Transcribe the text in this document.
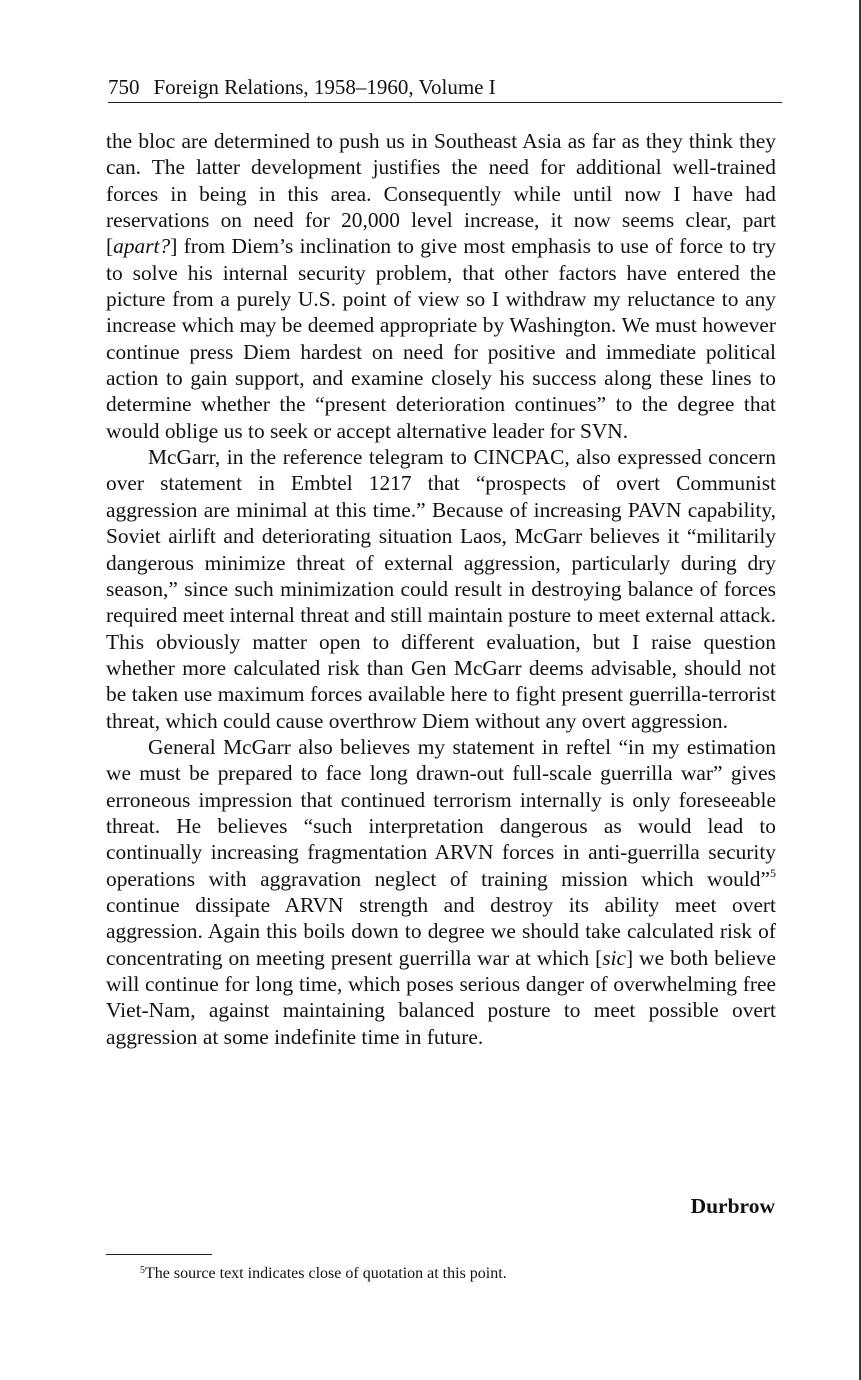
750 Foreign Relations, 1958–1960, Volume I

the bloc are determined to push us in Southeast Asia as far as they think they can. The latter development justifies the need for additional well-trained forces in being in this area. Consequently while until now I have had reservations on need for 20,000 level increase, it now seems clear, part [apart?] from Diem’s inclination to give most emphasis to use of force to try to solve his internal security problem, that other factors have entered the picture from a purely U.S. point of view so I withdraw my reluctance to any increase which may be deemed appropriate by Washington. We must however continue press Diem hardest on need for positive and immediate political action to gain support, and examine closely his success along these lines to determine whether the “present deterioration continues” to the degree that would oblige us to seek or accept alternative leader for SVN.

McGarr, in the reference telegram to CINCPAC, also expressed concern over statement in Embtel 1217 that “prospects of overt Communist aggression are minimal at this time.” Because of increasing PAVN capability, Soviet airlift and deteriorating situation Laos, McGarr believes it “militarily dangerous minimize threat of external aggression, particularly during dry season,” since such minimization could result in destroying balance of forces required meet internal threat and still maintain posture to meet external attack. This obviously matter open to different evaluation, but I raise question whether more calculated risk than Gen McGarr deems advisable, should not be taken use maximum forces available here to fight present guerrilla-terrorist threat, which could cause overthrow Diem without any overt aggression.

General McGarr also believes my statement in reftel “in my estimation we must be prepared to face long drawn-out full-scale guerrilla war” gives erroneous impression that continued terrorism internally is only foreseeable threat. He believes “such interpretation dangerous as would lead to continually increasing fragmentation ARVN forces in anti-guerrilla security operations with aggravation neglect of training mission which would”$^5$ continue dissipate ARVN strength and destroy its ability meet overt aggression. Again this boils down to degree we should take calculated risk of concentrating on meeting present guerrilla war at which [sic] we both believe will continue for long time, which poses serious danger of overwhelming free Viet-Nam, against maintaining balanced posture to meet possible overt aggression at some indefinite time in future.

Durbrow
$^5$The source text indicates close of quotation at this point.
